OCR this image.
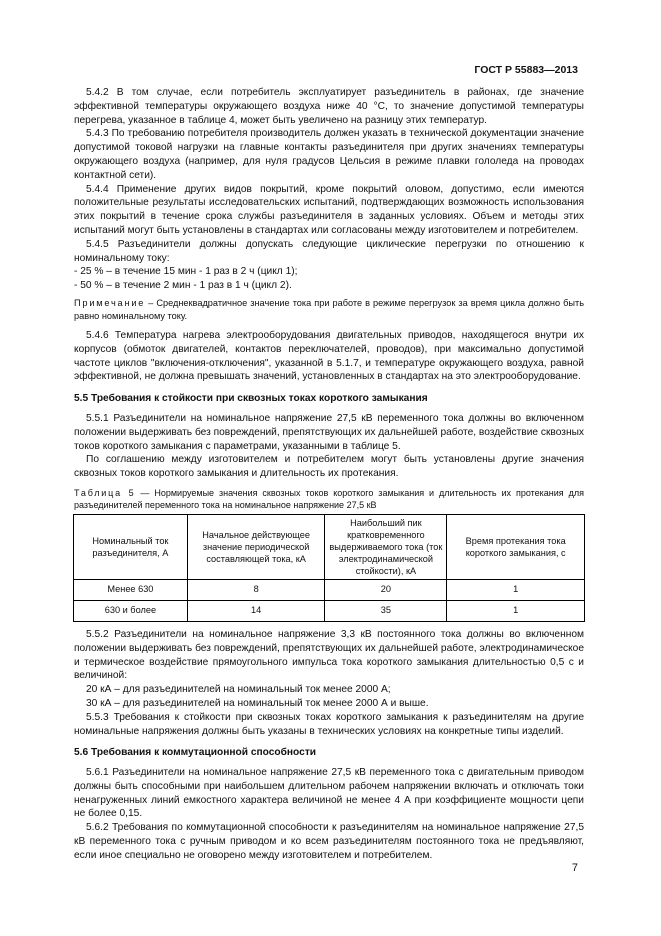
ГОСТ Р 55883—2013

5.4.2 В том случае, если потребитель эксплуатирует разъединитель в районах, где значение эффективной температуры окружающего воздуха ниже 40 °С, то значение допустимой температуры перегрева, указанное в таблице 4, может быть увеличено на разницу этих температур.

5.4.3 По требованию потребителя производитель должен указать в технической документации значение допустимой токовой нагрузки на главные контакты разъединителя при других значениях температуры окружающего воздуха (например, для нуля градусов Цельсия в режиме плавки гололеда на проводах контактной сети).

5.4.4 Применение других видов покрытий, кроме покрытий оловом, допустимо, если имеются положительные результаты исследовательских испытаний, подтверждающих возможность использования этих покрытий в течение срока службы разъединителя в заданных условиях. Объем и методы этих испытаний могут быть установлены в стандартах или согласованы между изготовителем и потребителем.

5.4.5 Разъединители должны допускать следующие циклические перегрузки по отношению к номинальному току:

- 25 % – в течение 15 мин - 1 раз в 2 ч (цикл 1);

- 50 % – в течение 2 мин - 1 раз в 1 ч (цикл 2).

Примечание – Среднеквадратичное значение тока при работе в режиме перегрузок за время цикла должно быть равно номинальному току.

5.4.6 Температура нагрева электрооборудования двигательных приводов, находящегося внутри их корпусов (обмоток двигателей, контактов переключателей, проводов), при максимально допустимой частоте циклов "включения-отключения", указанной в 5.1.7, и температуре окружающего воздуха, равной эффективной, не должна превышать значений, установленных в стандартах на это электрооборудование.

5.5 Требования к стойкости при сквозных токах короткого замыкания

5.5.1 Разъединители на номинальное напряжение 27,5 кВ переменного тока должны во включенном положении выдерживать без повреждений, препятствующих их дальнейшей работе, воздействие сквозных токов короткого замыкания с параметрами, указанными в таблице 5.

По соглашению между изготовителем и потребителем могут быть установлены другие значения сквозных токов короткого замыкания и длительность их протекания.

Таблица 5 — Нормируемые значения сквозных токов короткого замыкания и длительность их протекания для разъединителей переменного тока на номинальное напряжение 27,5 кВ

Номинальный ток разъединителя, А	Начальное действующее значение периодической составляющей тока, кА	Наибольший пик кратковременного выдерживаемого тока (ток электродинамической стойкости), кА	Время протекания тока короткого замыкания, с
Менее 630	8	20	1
630 и более	14	35	1

5.5.2 Разъединители на номинальное напряжение 3,3 кВ постоянного тока должны во включенном положении выдерживать без повреждений, препятствующих их дальнейшей работе, электродинамическое и термическое воздействие прямоугольного импульса тока короткого замыкания длительностью 0,5 с и величиной:

20 кА – для разъединителей на номинальный ток менее 2000 А;

30 кА – для разъединителей на номинальный ток менее 2000 А и выше.

5.5.3 Требования к стойкости при сквозных токах короткого замыкания к разъединителям на другие номинальные напряжения должны быть указаны в технических условиях на конкретные типы изделий.

5.6 Требования к коммутационной способности

5.6.1 Разъединители на номинальное напряжение 27,5 кВ переменного тока с двигательным приводом должны быть способными при наибольшем длительном рабочем напряжении включать и отключать токи ненагруженных линий емкостного характера величиной не менее 4 А при коэффициенте мощности цепи не более 0,15.

5.6.2 Требования по коммутационной способности к разъединителям на номинальное напряжение 27,5 кВ переменного тока с ручным приводом и ко всем разъединителям постоянного тока не предъявляют, если иное специально не оговорено между изготовителем и потребителем.

7
